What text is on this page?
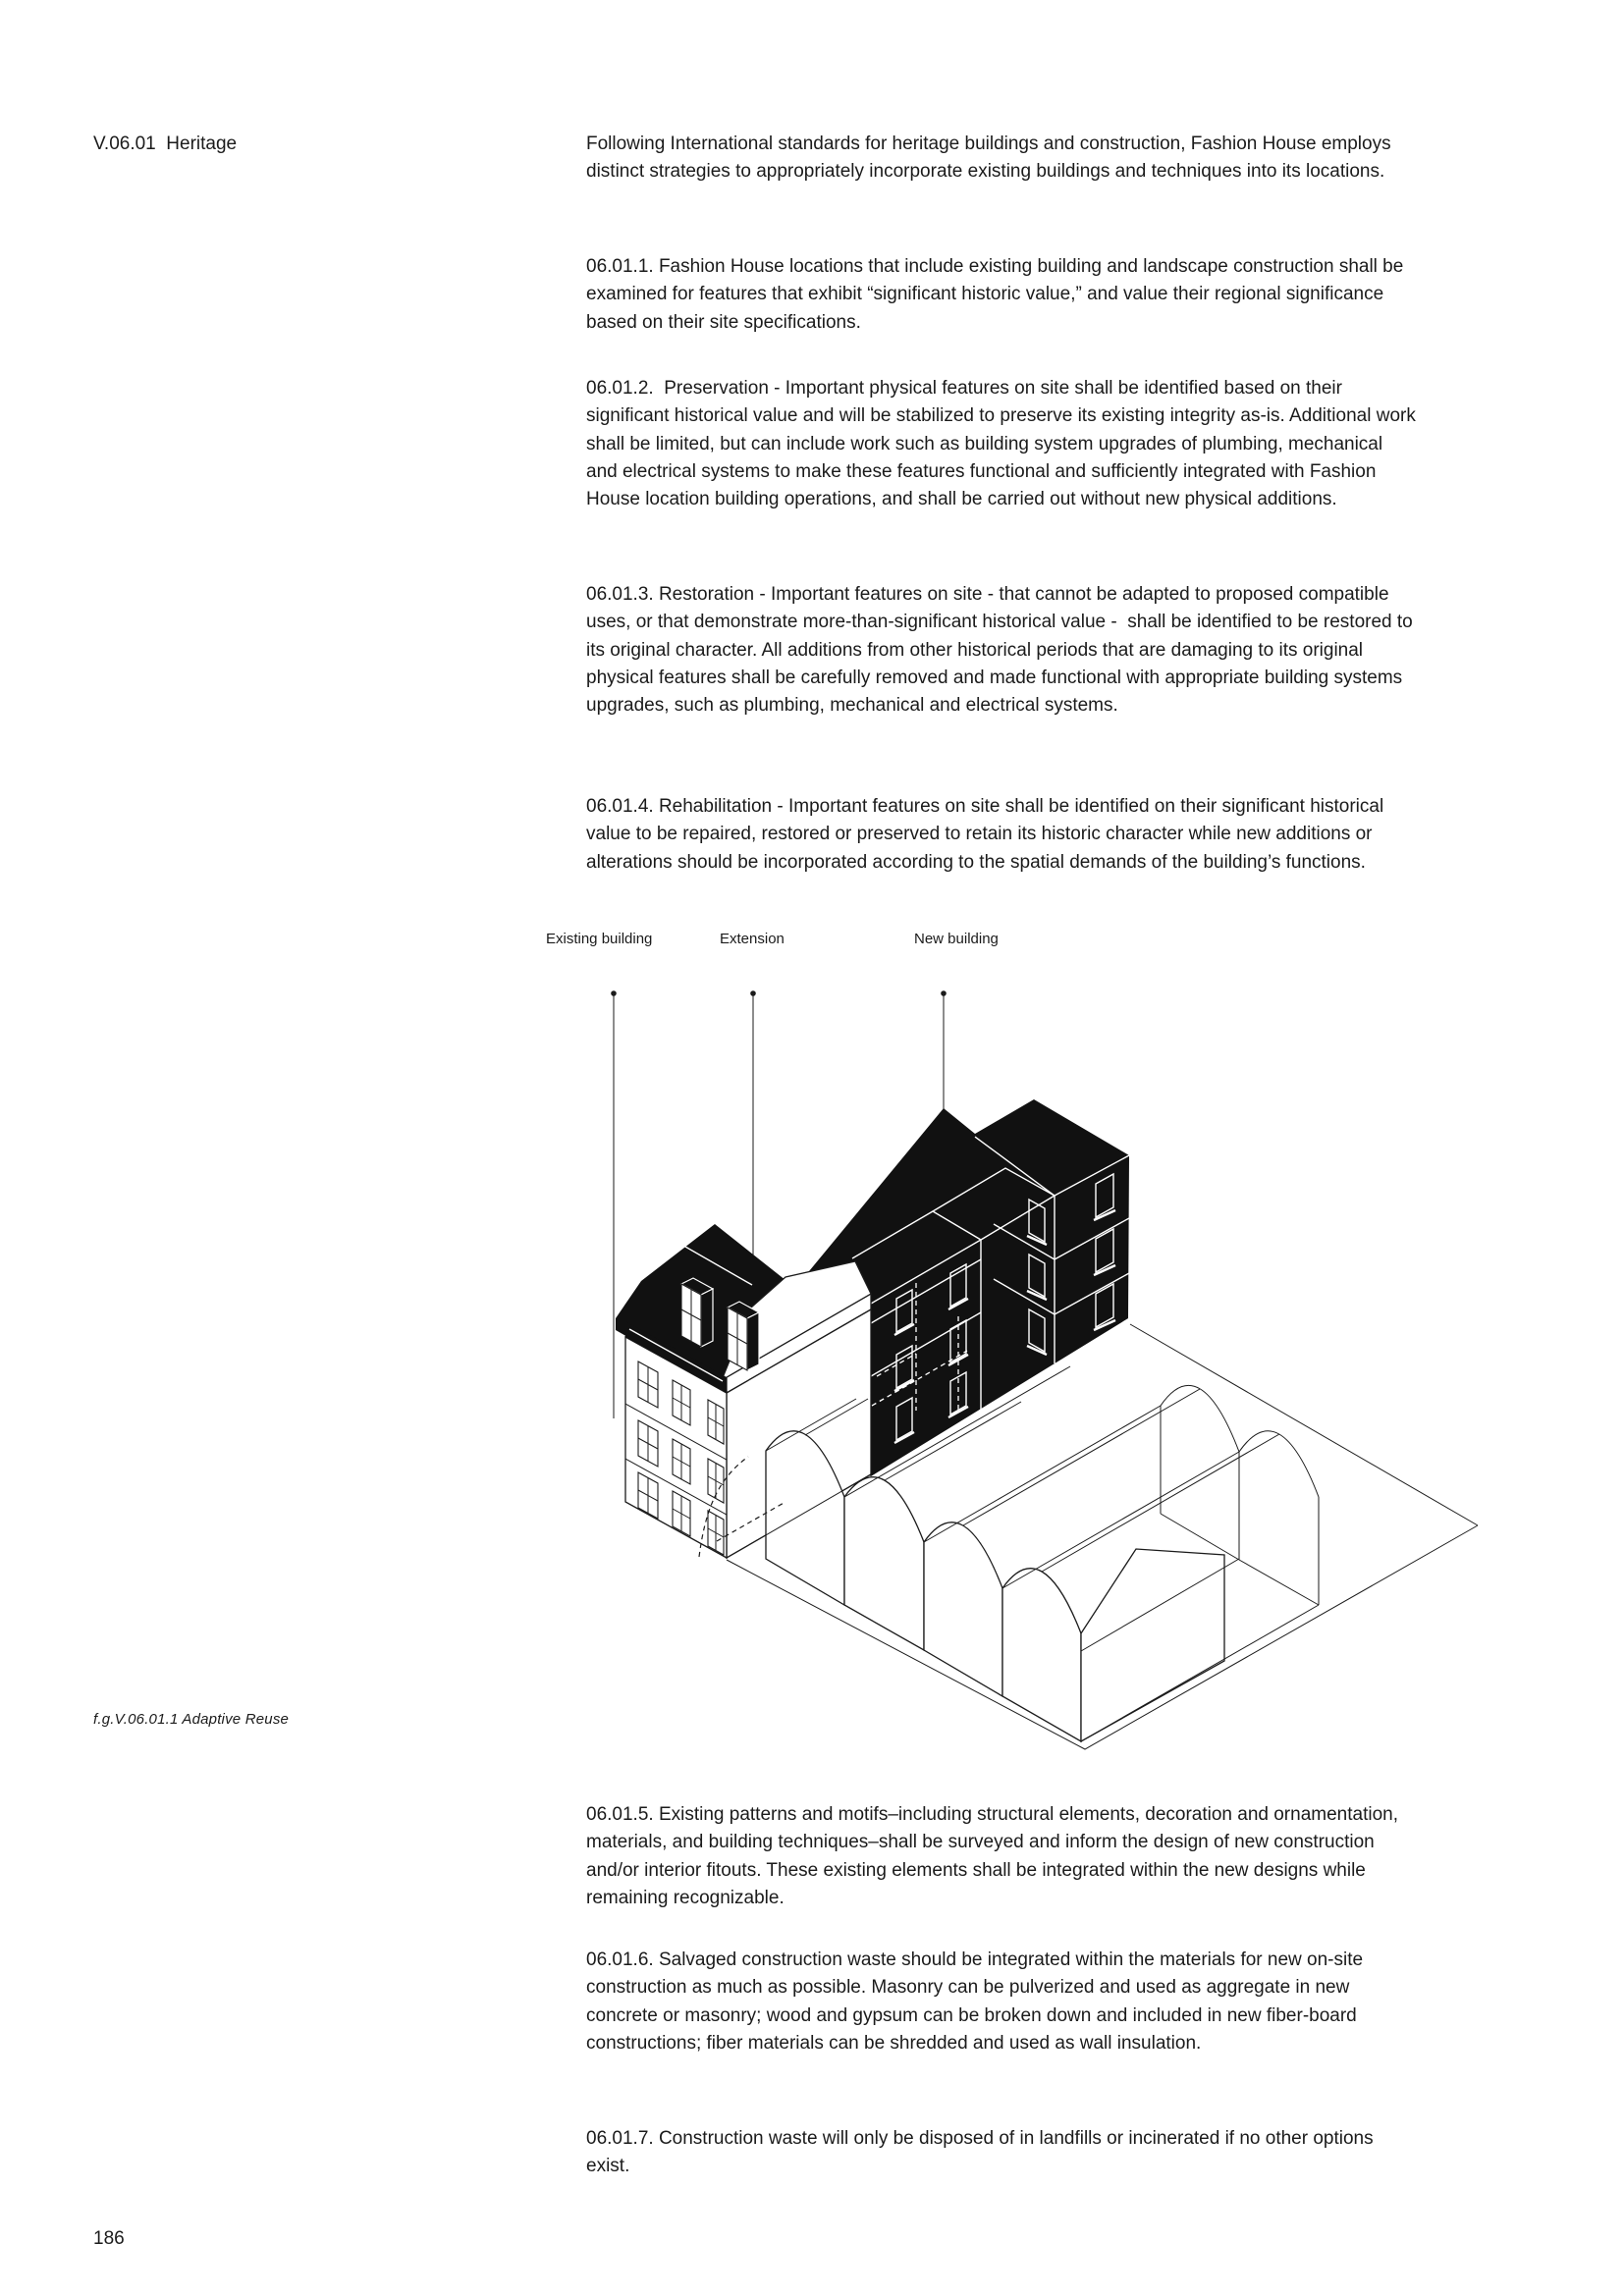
V.06.01  Heritage	Following International standards for heritage buildings and construction, Fashion House employs distinct strategies to appropriately incorporate existing buildings and techniques into its locations.

06.01.1. Fashion House locations that include existing building and landscape construction shall be examined for features that exhibit “significant historic value,” and value their regional significance based on their site specifications.

06.01.2.  Preservation - Important physical features on site shall be identified based on their significant historical value and will be stabilized to preserve its existing integrity as-is. Additional work shall be limited, but can include work such as building system upgrades of plumbing, mechanical and electrical systems to make these features functional and sufficiently integrated with Fashion House location building operations, and shall be carried out without new physical additions.

06.01.3. Restoration - Important features on site - that cannot be adapted to proposed compatible uses, or that demonstrate more-than-significant historical value -  shall be identified to be restored to its original character. All additions from other historical periods that are damaging to its original physical features shall be carefully removed and made functional with appropriate building systems upgrades, such as plumbing, mechanical and electrical systems.

06.01.4. Rehabilitation - Important features on site shall be identified on their significant historical value to be repaired, restored or preserved to retain its historic character while new additions or alterations should be incorporated according to the spatial demands of the building’s functions.

06.01.5. Existing patterns and motifs–including structural elements, decoration and ornamentation, materials, and building techniques–shall be surveyed and inform the design of new construction and/or interior fitouts. These existing elements shall be integrated within the new designs while remaining recognizable.

06.01.6. Salvaged construction waste should be integrated within the materials for new on-site construction as much as possible. Masonry can be pulverized and used as aggregate in new concrete or masonry; wood and gypsum can be broken down and included in new fiber-board constructions; fiber materials can be shredded and used as wall insulation.

06.01.7. Construction waste will only be disposed of in landfills or incinerated if no other options exist.

Existing building	Extension	New building
f.g.V.06.01.1 Adaptive Reuse
186
